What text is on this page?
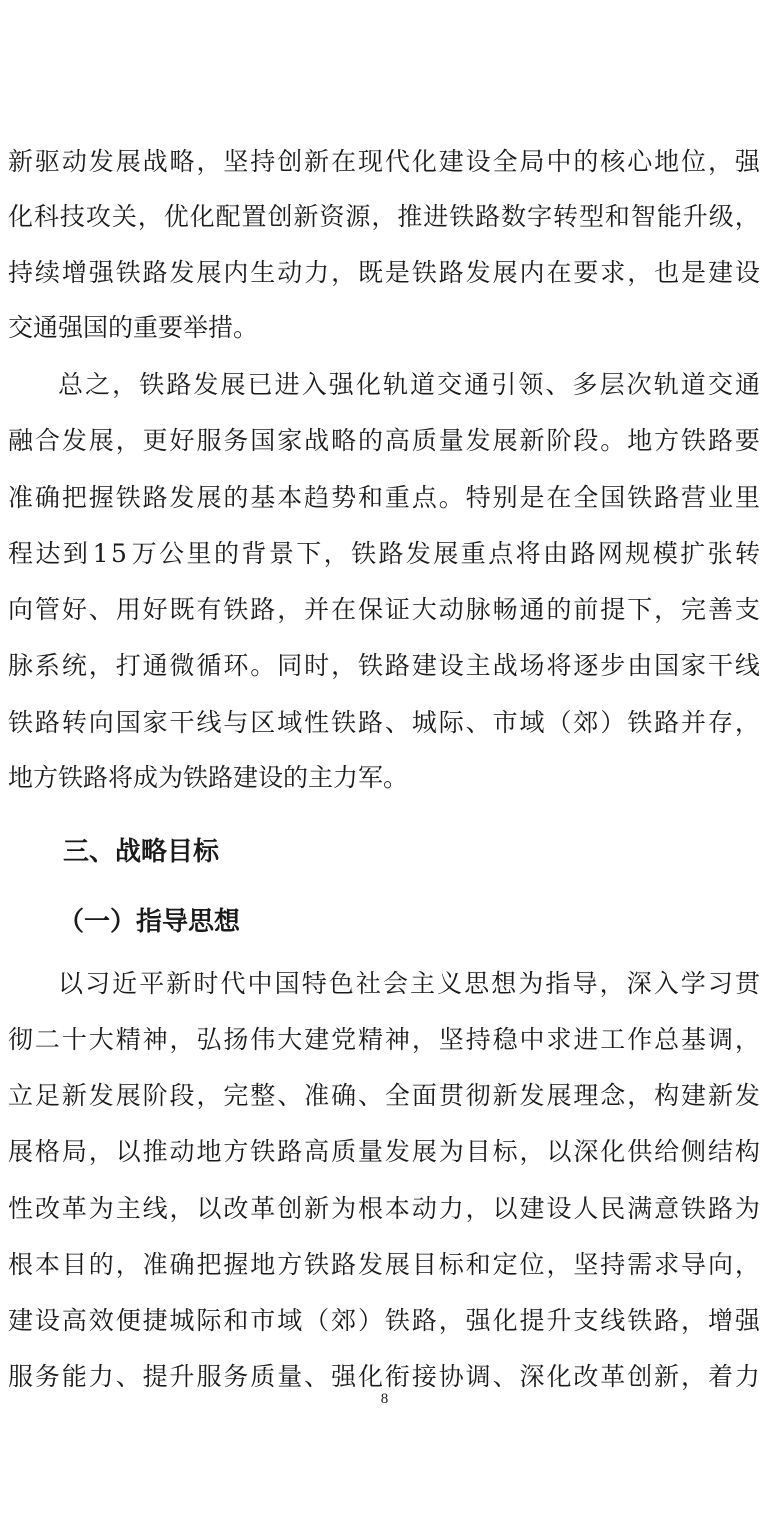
新 驱 动 发 展 战 略 ， 坚 持 创 新 在 现 代 化 建 设 全 局 中 的 核 心 地 位 ， 强
化 科 技 攻 关 ， 优 化 配 置 创 新 资 源 ， 推 进 铁 路 数 字 转 型 和 智 能 升 级 ，
持 续 增 强 铁 路 发 展 内 生 动 力 ， 既 是 铁 路 发 展 内 在 要 求 ， 也 是 建 设
交通强国的重要举措。
总 之 ， 铁 路 发 展 已 进 入 强 化 轨 道 交 通 引 领 、 多 层 次 轨 道 交 通
融 合 发 展 ， 更 好 服 务 国 家 战 略 的 高 质 量 发 展 新 阶 段 。 地 方 铁 路 要
准 确 把 握 铁 路 发 展 的 基 本 趋 势 和 重 点 。 特 别 是 在 全 国 铁 路 营 业 里
程 达 到 1 5 万 公 里 的 背 景 下 ， 铁 路 发 展 重 点 将 由 路 网 规 模 扩 张 转
向 管 好 、 用 好 既 有 铁 路 ， 并 在 保 证 大 动 脉 畅 通 的 前 提 下 ， 完 善 支
脉 系 统 ， 打 通 微 循 环 。 同 时 ， 铁 路 建 设 主 战 场 将 逐 步 由 国 家 干 线
铁 路 转 向 国 家 干 线 与 区 域 性 铁 路 、 城 际 、 市 域 （ 郊 ） 铁 路 并 存 ，
地方铁路将成为铁路建设的主力军。
三、战略目标
（一）指导思想
以 习 近 平 新 时 代 中 国 特 色 社 会 主 义 思 想 为 指 导 ， 深 入 学 习 贯
彻 二 十 大 精 神 ， 弘 扬 伟 大 建 党 精 神 ， 坚 持 稳 中 求 进 工 作 总 基 调 ，
立 足 新 发 展 阶 段 ， 完 整 、 准 确 、 全 面 贯 彻 新 发 展 理 念 ， 构 建 新 发
展 格 局 ， 以 推 动 地 方 铁 路 高 质 量 发 展 为 目 标 ， 以 深 化 供 给 侧 结 构
性 改 革 为 主 线 ， 以 改 革 创 新 为 根 本 动 力 ， 以 建 设 人 民 满 意 铁 路 为
根 本 目 的 ， 准 确 把 握 地 方 铁 路 发 展 目 标 和 定 位 ， 坚 持 需 求 导 向 ，
建 设 高 效 便 捷 城 际 和 市 域 （ 郊 ） 铁 路 ， 强 化 提 升 支 线 铁 路 ， 增 强
服 务 能 力 、 提 升 服 务 质 量 、 强 化 衔 接 协 调 、 深 化 改 革 创 新 ， 着 力
8
